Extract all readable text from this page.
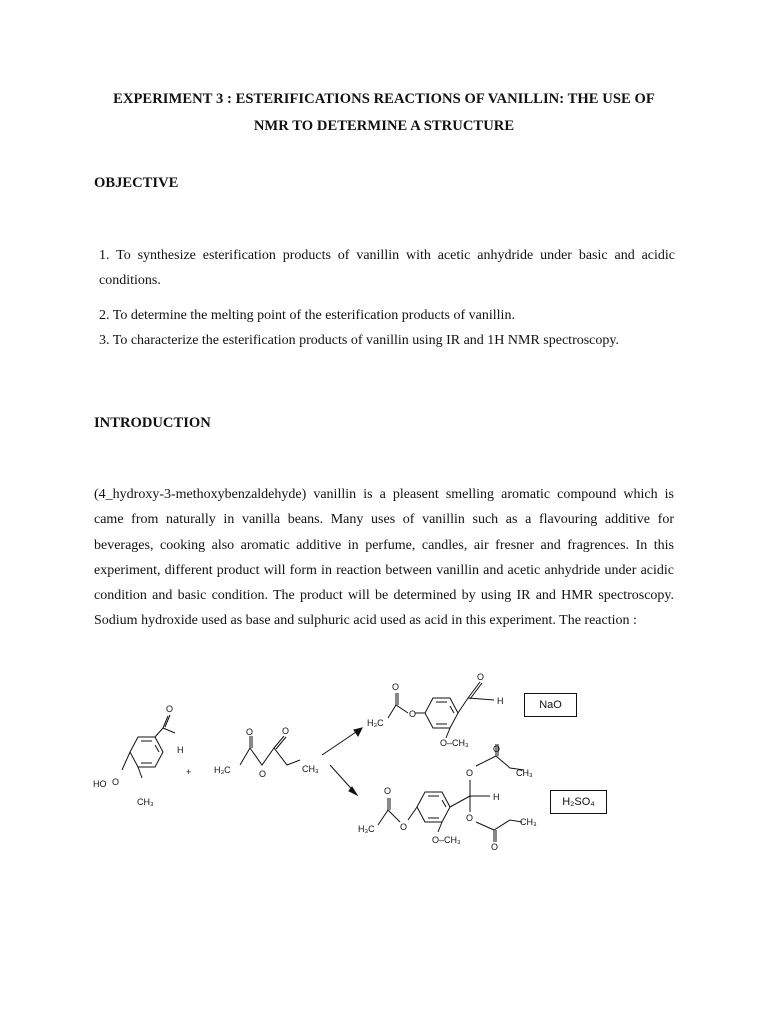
EXPERIMENT 3 : ESTERIFICATIONS REACTIONS OF VANILLIN: THE USE OF
NMR TO DETERMINE A STRUCTURE
OBJECTIVE
1. To synthesize esterification products of vanillin with acetic anhydride under basic and acidic conditions.
2. To determine the melting point of the esterification products of vanillin.
3. To characterize the esterification products of vanillin using IR and 1H NMR spectroscopy.
INTRODUCTION
(4_hydroxy-3-methoxybenzaldehyde) vanillin is a pleasent smelling aromatic compound which is came from naturally in vanilla beans. Many uses of vanillin such as a flavouring additive for beverages, cooking also aromatic additive in perfume, candles, air fresner and fragrences. In this experiment, different product will form in reaction between vanillin and acetic anhydride under acidic condition and basic condition. The product will be determined by using IR and HMR spectroscopy. Sodium hydroxide used as base and sulphuric acid used as acid in this experiment. The reaction :
O
H
HO
CH₃
O
+
O	O
O
H₃C	CH₃
O
H
O
O
H₃C
O–CH₃
O
O	CH₃
H
O	CH₃
O
O
O
H₃C
O–CH₃
NaO
H₂SO₄
